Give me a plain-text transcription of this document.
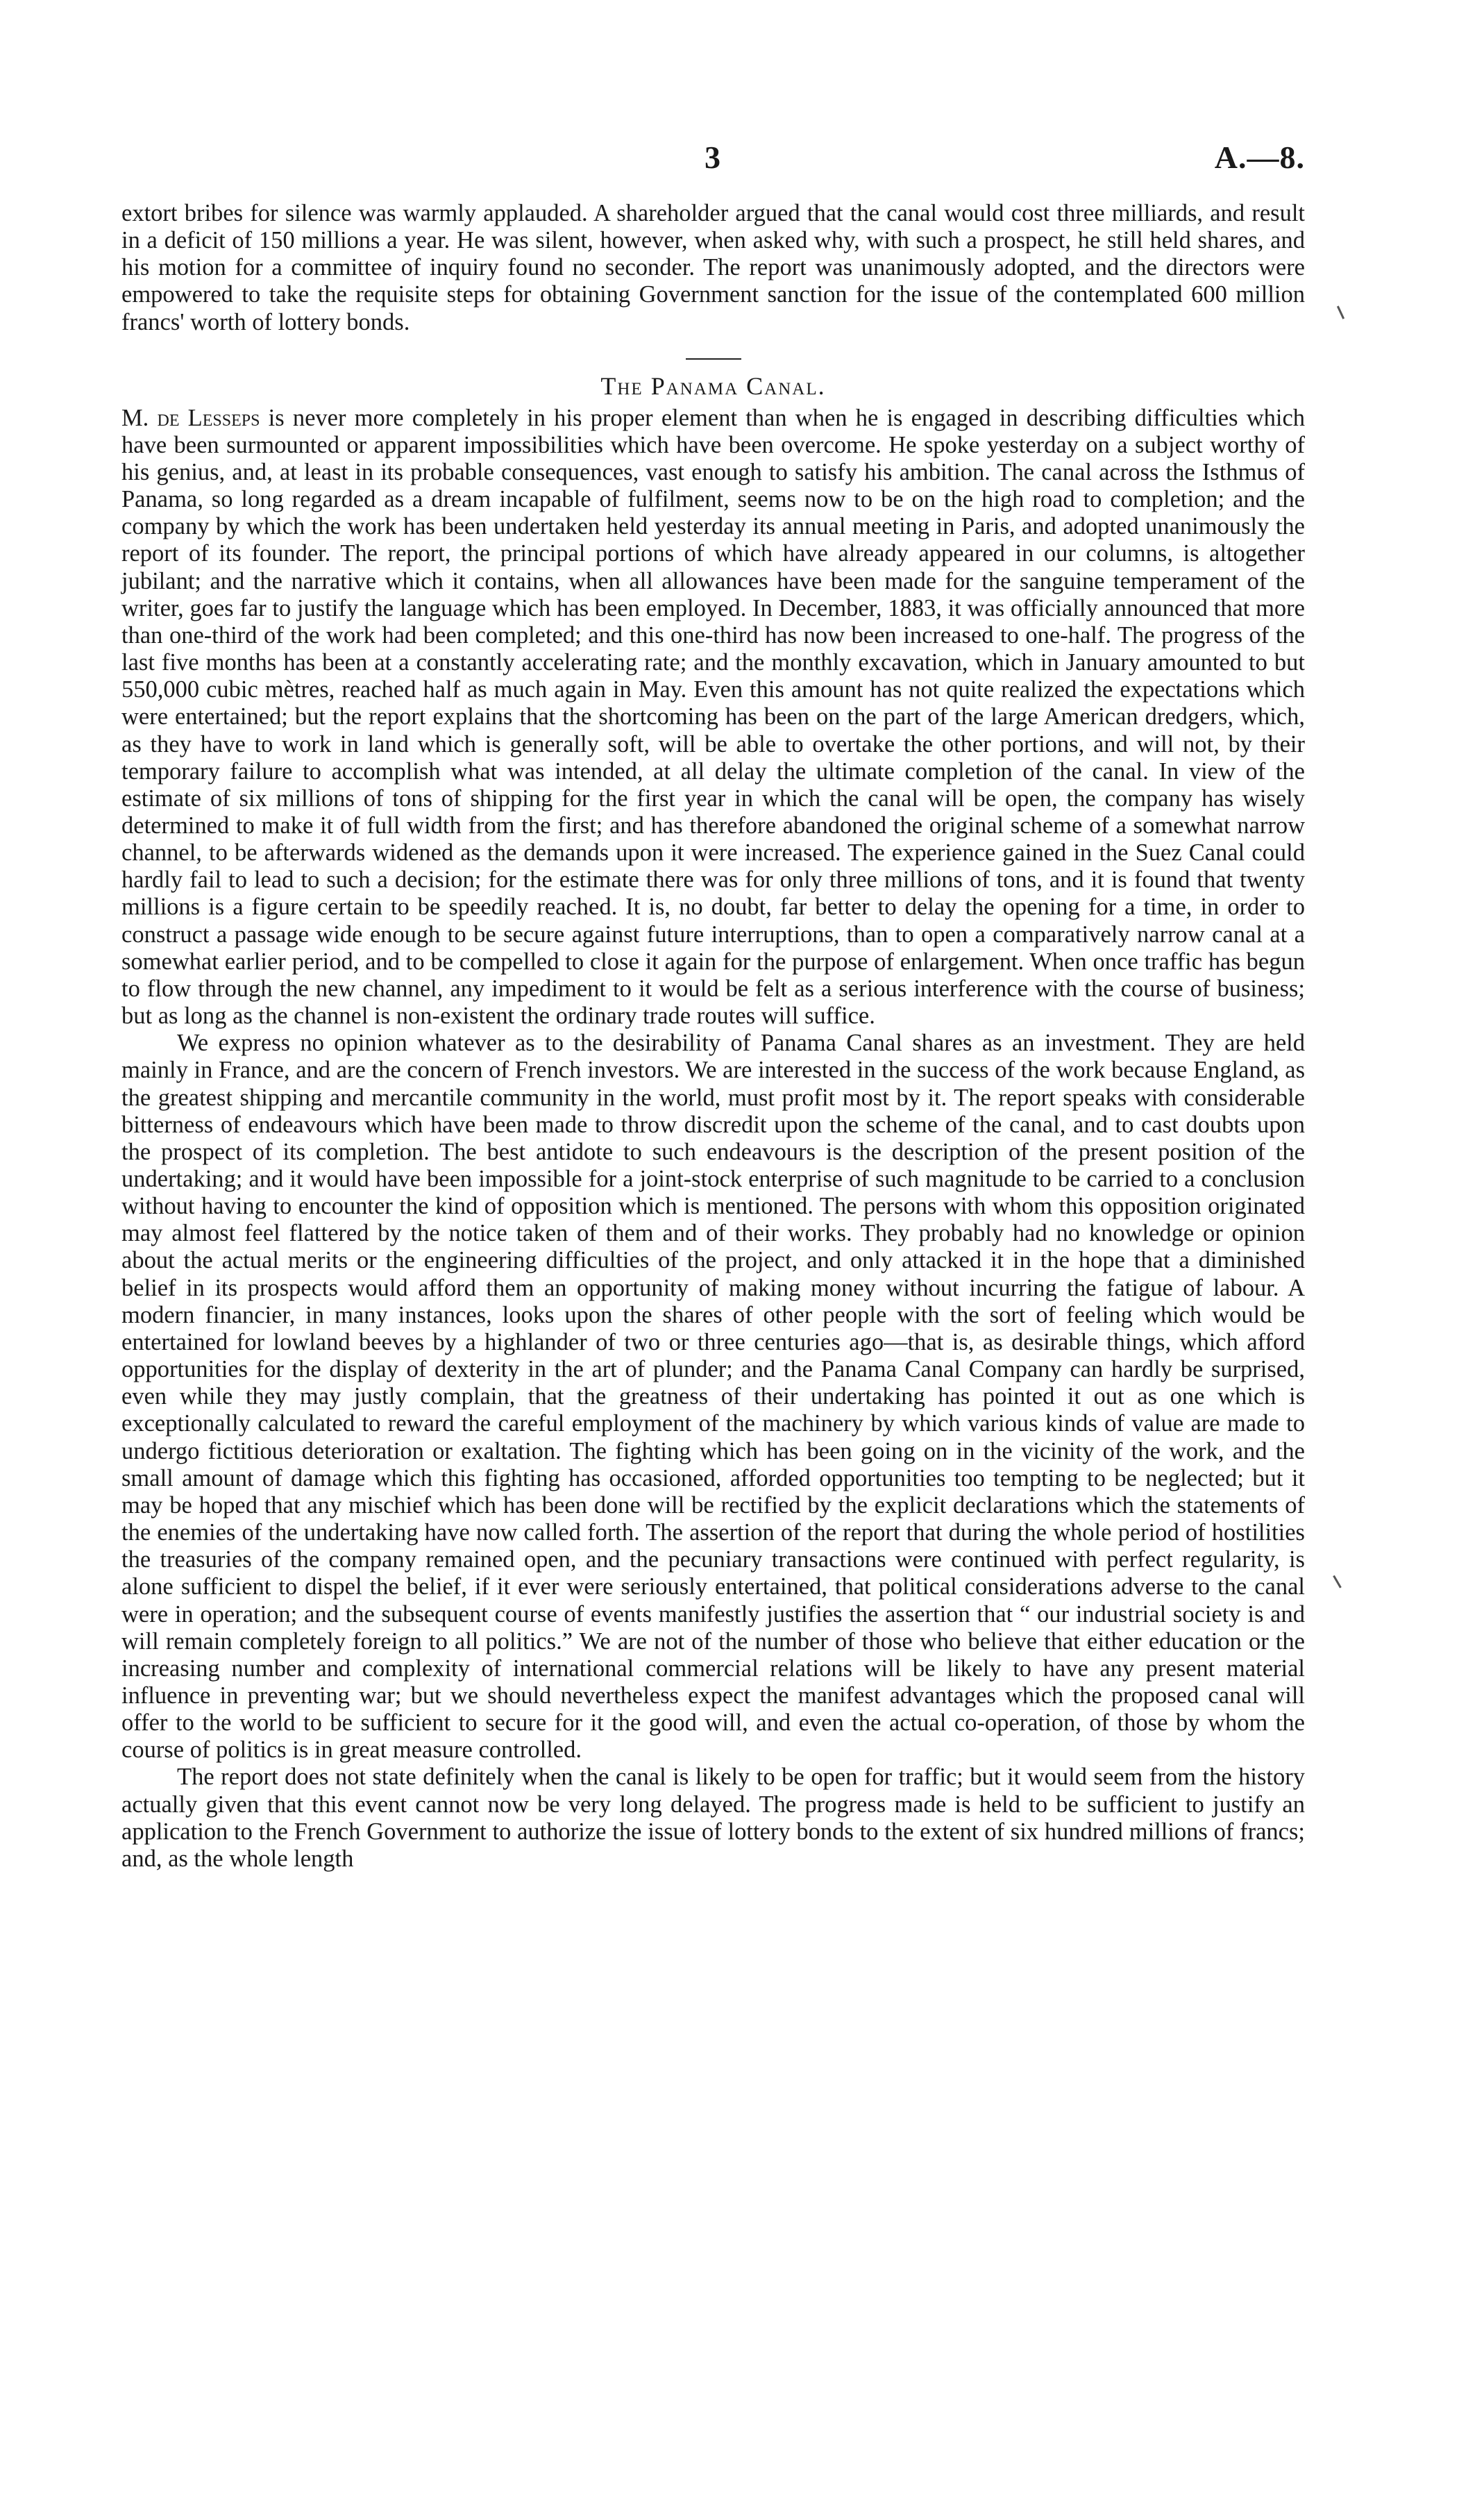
3	A.—8.

extort bribes for silence was warmly applauded. A shareholder argued that the canal would cost three milliards, and result in a deficit of 150 millions a year. He was silent, however, when asked why, with such a prospect, he still held shares, and his motion for a committee of inquiry found no seconder. The report was unanimously adopted, and the directors were empowered to take the requisite steps for obtaining Government sanction for the issue of the contemplated 600 million francs' worth of lottery bonds.

The Panama Canal.

M. de Lesseps is never more completely in his proper element than when he is engaged in describing difficulties which have been surmounted or apparent impossibilities which have been overcome. He spoke yesterday on a subject worthy of his genius, and, at least in its probable consequences, vast enough to satisfy his ambition. The canal across the Isthmus of Panama, so long regarded as a dream incapable of fulfilment, seems now to be on the high road to completion; and the company by which the work has been undertaken held yesterday its annual meeting in Paris, and adopted unanimously the report of its founder. The report, the principal portions of which have already appeared in our columns, is altogether jubilant; and the narrative which it contains, when all allowances have been made for the sanguine temperament of the writer, goes far to justify the language which has been employed. In December, 1883, it was officially announced that more than one-third of the work had been completed; and this one-third has now been increased to one-half. The progress of the last five months has been at a constantly accelerating rate; and the monthly excavation, which in January amounted to but 550,000 cubic mètres, reached half as much again in May. Even this amount has not quite realized the expectations which were entertained; but the report explains that the shortcoming has been on the part of the large American dredgers, which, as they have to work in land which is generally soft, will be able to overtake the other portions, and will not, by their temporary failure to accomplish what was intended, at all delay the ultimate completion of the canal. In view of the estimate of six millions of tons of shipping for the first year in which the canal will be open, the company has wisely determined to make it of full width from the first; and has therefore abandoned the original scheme of a somewhat narrow channel, to be afterwards widened as the demands upon it were increased. The experience gained in the Suez Canal could hardly fail to lead to such a decision; for the estimate there was for only three millions of tons, and it is found that twenty millions is a figure certain to be speedily reached. It is, no doubt, far better to delay the opening for a time, in order to construct a passage wide enough to be secure against future interruptions, than to open a comparatively narrow canal at a somewhat earlier period, and to be compelled to close it again for the purpose of enlargement. When once traffic has begun to flow through the new channel, any impediment to it would be felt as a serious interference with the course of business; but as long as the channel is non-existent the ordinary trade routes will suffice.

We express no opinion whatever as to the desirability of Panama Canal shares as an investment. They are held mainly in France, and are the concern of French investors. We are interested in the success of the work because England, as the greatest shipping and mercantile community in the world, must profit most by it. The report speaks with considerable bitterness of endeavours which have been made to throw discredit upon the scheme of the canal, and to cast doubts upon the prospect of its completion. The best antidote to such endeavours is the description of the present position of the undertaking; and it would have been impossible for a joint-stock enterprise of such magnitude to be carried to a conclusion without having to encounter the kind of opposition which is mentioned. The persons with whom this opposition originated may almost feel flattered by the notice taken of them and of their works. They probably had no knowledge or opinion about the actual merits or the engineering difficulties of the project, and only attacked it in the hope that a diminished belief in its prospects would afford them an opportunity of making money without incurring the fatigue of labour. A modern financier, in many instances, looks upon the shares of other people with the sort of feeling which would be entertained for lowland beeves by a highlander of two or three centuries ago—that is, as desirable things, which afford opportunities for the display of dexterity in the art of plunder; and the Panama Canal Company can hardly be surprised, even while they may justly complain, that the greatness of their undertaking has pointed it out as one which is exceptionally calculated to reward the careful employment of the machinery by which various kinds of value are made to undergo fictitious deterioration or exaltation. The fighting which has been going on in the vicinity of the work, and the small amount of damage which this fighting has occasioned, afforded opportunities too tempting to be neglected; but it may be hoped that any mischief which has been done will be rectified by the explicit declarations which the statements of the enemies of the undertaking have now called forth. The assertion of the report that during the whole period of hostilities the treasuries of the company remained open, and the pecuniary transactions were continued with perfect regularity, is alone sufficient to dispel the belief, if it ever were seriously entertained, that political considerations adverse to the canal were in operation; and the subsequent course of events manifestly justifies the assertion that “ our industrial society is and will remain completely foreign to all politics.” We are not of the number of those who believe that either education or the increasing number and complexity of international commercial relations will be likely to have any present material influence in preventing war; but we should nevertheless expect the manifest advantages which the proposed canal will offer to the world to be sufficient to secure for it the good will, and even the actual co-operation, of those by whom the course of politics is in great measure controlled.

The report does not state definitely when the canal is likely to be open for traffic; but it would seem from the history actually given that this event cannot now be very long delayed. The progress made is held to be sufficient to justify an application to the French Government to authorize the issue of lottery bonds to the extent of six hundred millions of francs; and, as the whole length
